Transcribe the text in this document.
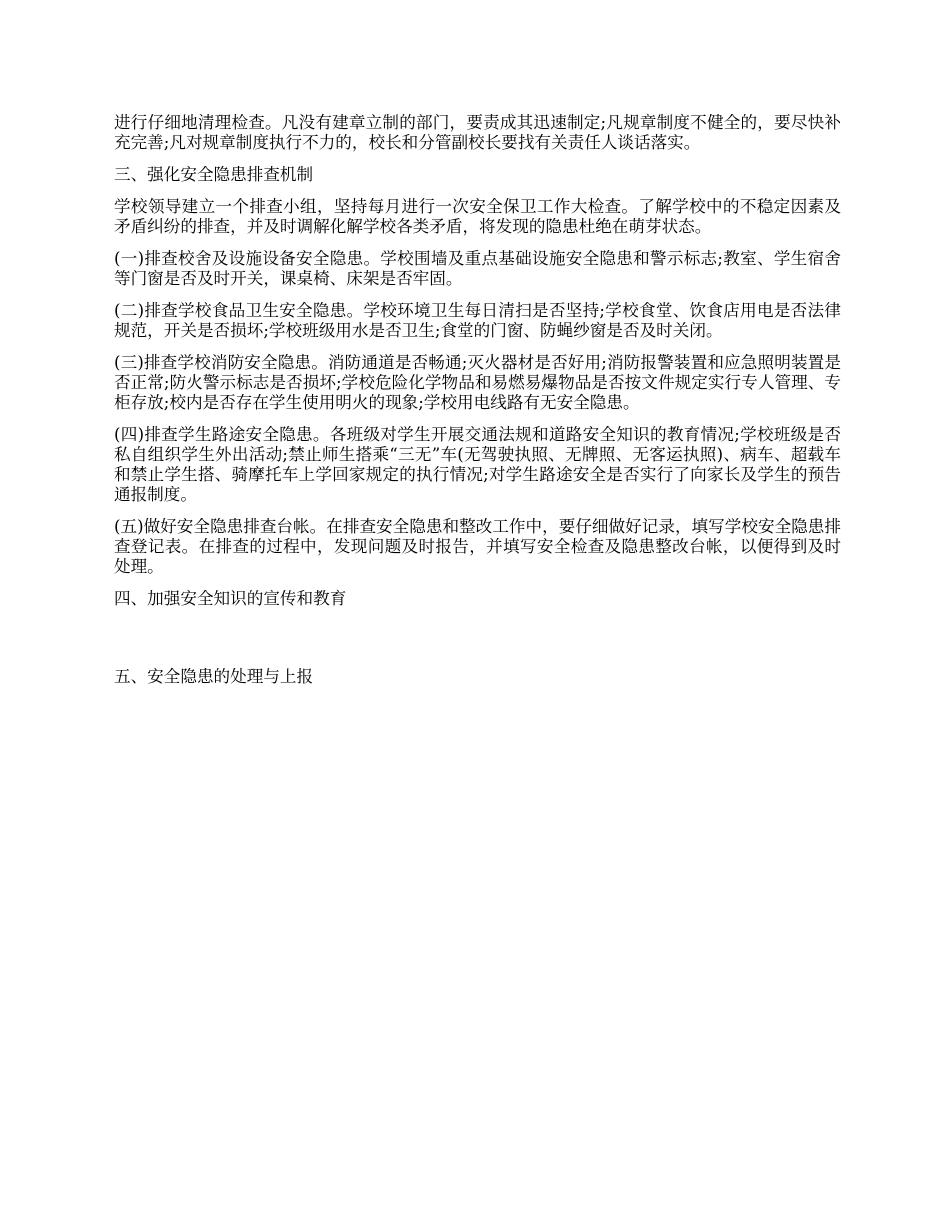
进行仔细地清理检查。凡没有建章立制的部门，要责成其迅速制定;凡规章制度不健全的，要尽快补充完善;凡对规章制度执行不力的，校长和分管副校长要找有关责任人谈话落实。

三、强化安全隐患排查机制

学校领导建立一个排查小组，坚持每月进行一次安全保卫工作大检查。了解学校中的不稳定因素及矛盾纠纷的排查，并及时调解化解学校各类矛盾，将发现的隐患杜绝在萌芽状态。

(一)排查校舍及设施设备安全隐患。学校围墙及重点基础设施安全隐患和警示标志;教室、学生宿舍等门窗是否及时开关，课桌椅、床架是否牢固。

(二)排查学校食品卫生安全隐患。学校环境卫生每日清扫是否坚持;学校食堂、饮食店用电是否法律规范，开关是否损坏;学校班级用水是否卫生;食堂的门窗、防蝇纱窗是否及时关闭。

(三)排查学校消防安全隐患。消防通道是否畅通;灭火器材是否好用;消防报警装置和应急照明装置是否正常;防火警示标志是否损坏;学校危险化学物品和易燃易爆物品是否按文件规定实行专人管理、专柜存放;校内是否存在学生使用明火的现象;学校用电线路有无安全隐患。

(四)排查学生路途安全隐患。各班级对学生开展交通法规和道路安全知识的教育情况;学校班级是否私自组织学生外出活动;禁止师生搭乘“三无”车(无驾驶执照、无牌照、无客运执照)、病车、超载车和禁止学生搭、骑摩托车上学回家规定的执行情况;对学生路途安全是否实行了向家长及学生的预告通报制度。

(五)做好安全隐患排查台帐。在排查安全隐患和整改工作中，要仔细做好记录，填写学校安全隐患排查登记表。在排查的过程中，发现问题及时报告，并填写安全检查及隐患整改台帐，以便得到及时处理。

四、加强安全知识的宣传和教育

五、安全隐患的处理与上报
